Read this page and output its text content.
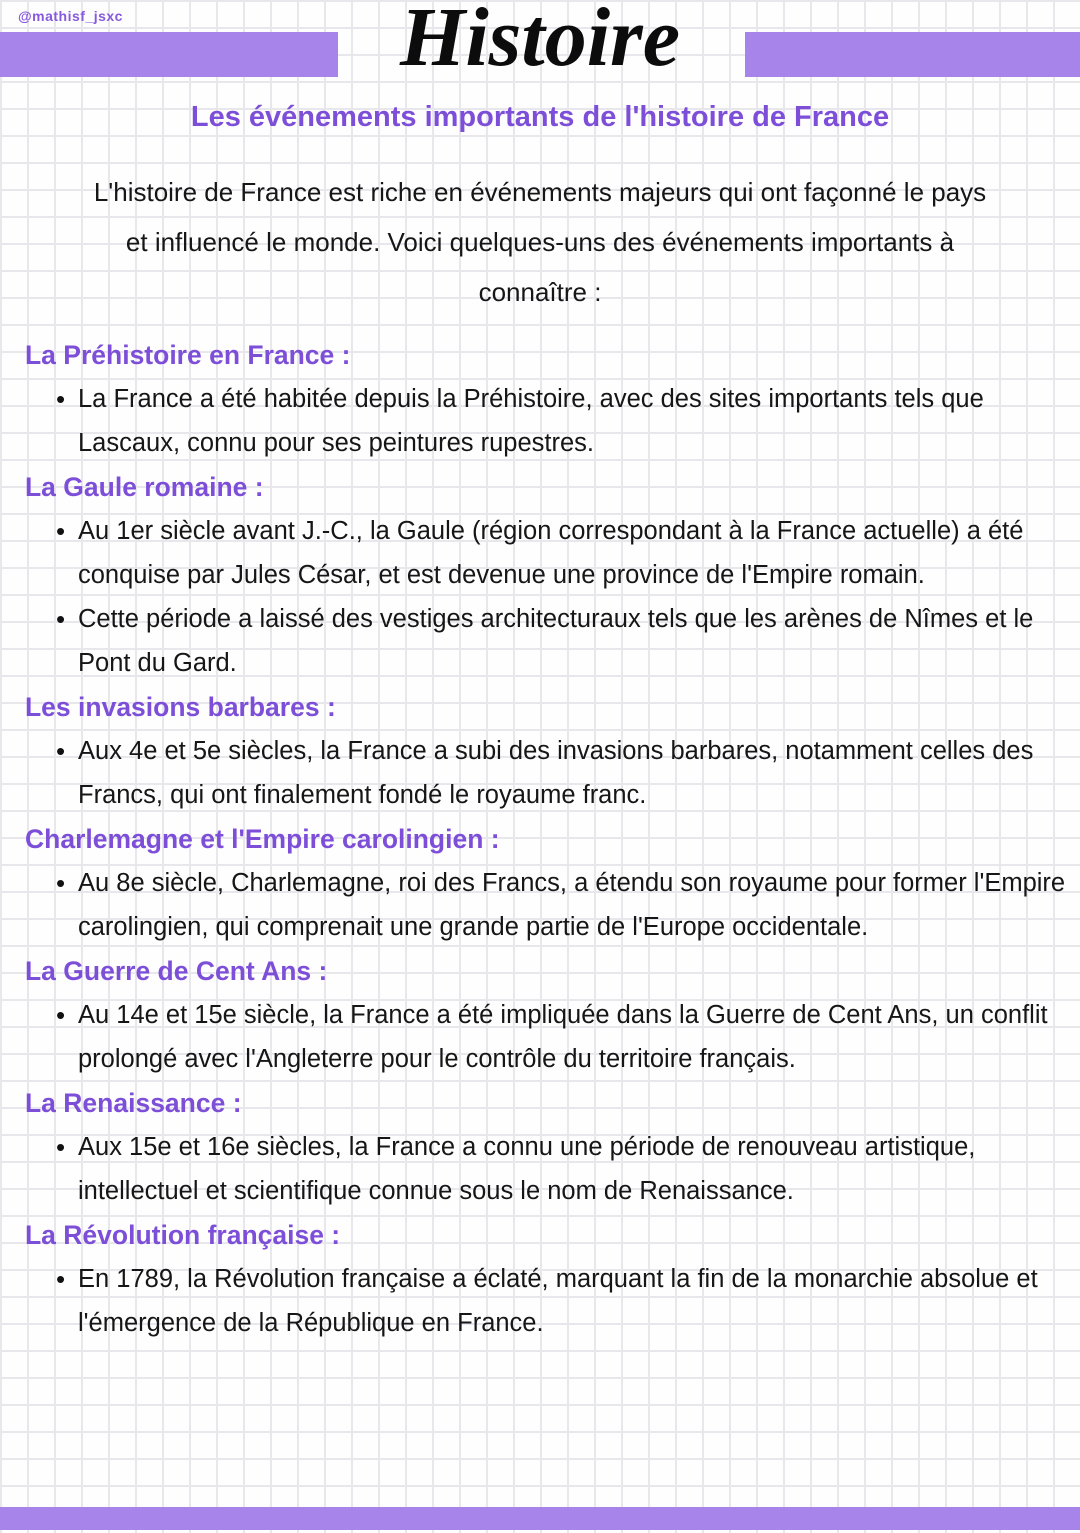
@mathisf_jsxc	Histoire
Les événements importants de l'histoire de France
L'histoire de France est riche en événements majeurs qui ont façonné le pays
et influencé le monde. Voici quelques-uns des événements importants à
connaître :
La Préhistoire en France :
• La France a été habitée depuis la Préhistoire, avec des sites importants tels que Lascaux, connu pour ses peintures rupestres.
La Gaule romaine :
• Au 1er siècle avant J.-C., la Gaule (région correspondant à la France actuelle) a été conquise par Jules César, et est devenue une province de l'Empire romain.
• Cette période a laissé des vestiges architecturaux tels que les arènes de Nîmes et le Pont du Gard.
Les invasions barbares :
• Aux 4e et 5e siècles, la France a subi des invasions barbares, notamment celles des Francs, qui ont finalement fondé le royaume franc.
Charlemagne et l'Empire carolingien :
• Au 8e siècle, Charlemagne, roi des Francs, a étendu son royaume pour former l'Empire carolingien, qui comprenait une grande partie de l'Europe occidentale.
La Guerre de Cent Ans :
• Au 14e et 15e siècle, la France a été impliquée dans la Guerre de Cent Ans, un conflit prolongé avec l'Angleterre pour le contrôle du territoire français.
La Renaissance :
• Aux 15e et 16e siècles, la France a connu une période de renouveau artistique, intellectuel et scientifique connue sous le nom de Renaissance.
La Révolution française :
• En 1789, la Révolution française a éclaté, marquant la fin de la monarchie absolue et l'émergence de la République en France.
